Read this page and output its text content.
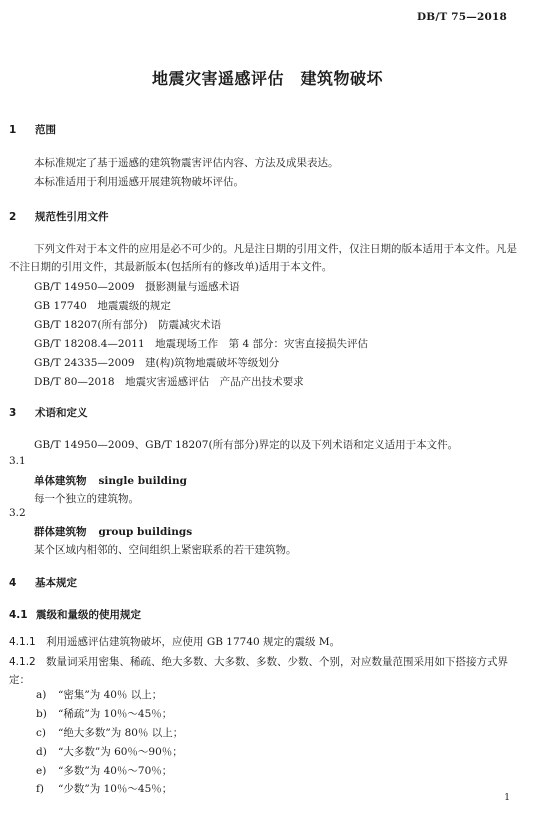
DB/T 75—2018
地震灾害遥感评估　建筑物破坏
1 范围
本标准规定了基于遥感的建筑物震害评估内容、方法及成果表达。
本标准适用于利用遥感开展建筑物破坏评估。
2 规范性引用文件
下列文件对于本文件的应用是必不可少的。凡是注日期的引用文件，仅注日期的版本适用于本文件。凡是不注日期的引用文件，其最新版本(包括所有的修改单)适用于本文件。
GB/T 14950—2009　摄影测量与遥感术语
GB 17740　地震震级的规定
GB/T 18207(所有部分)　防震减灾术语
GB/T 18208.4—2011　地震现场工作　第 4 部分：灾害直接损失评估
GB/T 24335—2009　建(构)筑物地震破坏等级划分
DB/T 80—2018　地震灾害遥感评估　产品产出技术要求
3 术语和定义
GB/T 14950—2009、GB/T 18207(所有部分)界定的以及下列术语和定义适用于本文件。
3.1
单体建筑物 single building
每一个独立的建筑物。
3.2
群体建筑物 group buildings
某个区域内相邻的、空间组织上紧密联系的若干建筑物。
4 基本规定
4.1 震级和量级的使用规定
4.1.1 利用遥感评估建筑物破坏，应使用 GB 17740 规定的震级 M。
4.1.2 数量词采用密集、稀疏、绝大多数、大多数、多数、少数、个别，对应数量范围采用如下搭接方式界定：
a) “密集”为 40％ 以上；
b) “稀疏”为 10％～45％；
c) “绝大多数”为 80％ 以上；
d) “大多数”为 60％～90％；
e) “多数”为 40％～70％；
f) “少数”为 10％～45％；
1
